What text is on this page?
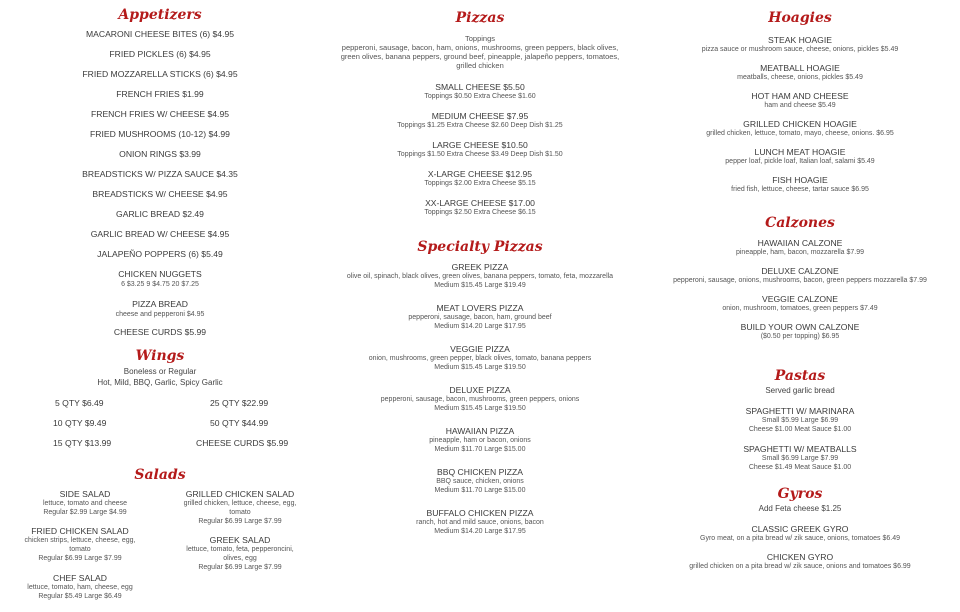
Appetizers
MACARONI CHEESE BITES (6) $4.95
FRIED PICKLES (6) $4.95
FRIED MOZZARELLA STICKS (6) $4.95
FRENCH FRIES $1.99
FRENCH FRIES W/ CHEESE $4.95
FRIED MUSHROOMS (10-12) $4.99
ONION RINGS $3.99
BREADSTICKS W/ PIZZA SAUCE $4.35
BREADSTICKS W/ CHEESE $4.95
GARLIC BREAD $2.49
GARLIC BREAD W/ CHEESE $4.95
JALAPEÑO POPPERS (6) $5.49
CHICKEN NUGGETS
6 $3.25 9 $4.75 20 $7.25
PIZZA BREAD
cheese and pepperoni $4.95
CHEESE CURDS $5.99
Wings
Boneless or Regular
Hot, Mild, BBQ, Garlic, Spicy Garlic
5 QTY $6.49	25 QTY $22.99
10 QTY $9.49	50 QTY $44.99
15 QTY $13.99	CHEESE CURDS $5.99
Salads
SIDE SALAD
lettuce, tomato and cheese
Regular $2.99 Large $4.99
GRILLED CHICKEN SALAD
grilled chicken, lettuce, cheese, egg, tomato
Regular $6.99 Large $7.99
FRIED CHICKEN SALAD
chicken strips, lettuce, cheese, egg, tomato
Regular $6.99 Large $7.99
GREEK SALAD
lettuce, tomato, feta, pepperoncini, olives, egg
Regular $6.99 Large $7.99
CHEF SALAD
lettuce, tomato, ham, cheese, egg
Regular $5.49 Large $6.49
Pizzas
Toppings
pepperoni, sausage, bacon, ham, onions, mushrooms, green peppers, black olives, green olives, banana peppers, ground beef, pineapple, jalapeño peppers, tomatoes, grilled chicken
SMALL CHEESE $5.50
Toppings $0.50 Extra Cheese $1.60
MEDIUM CHEESE $7.95
Toppings $1.25 Extra Cheese $2.60 Deep Dish $1.25
LARGE CHEESE $10.50
Toppings $1.50 Extra Cheese $3.49 Deep Dish $1.50
X-LARGE CHEESE $12.95
Toppings $2.00 Extra Cheese $5.15
XX-LARGE CHEESE $17.00
Toppings $2.50 Extra Cheese $6.15
Specialty Pizzas
GREEK PIZZA
olive oil, spinach, black olives, green olives, banana peppers, tomato, feta, mozzarella
Medium $15.45 Large $19.49
MEAT LOVERS PIZZA
pepperoni, sausage, bacon, ham, ground beef
Medium $14.20 Large $17.95
VEGGIE PIZZA
onion, mushrooms, green pepper, black olives, tomato, banana peppers
Medium $15.45 Large $19.50
DELUXE PIZZA
pepperoni, sausage, bacon, mushrooms, green peppers, onions
Medium $15.45 Large $19.50
HAWAIIAN PIZZA
pineapple, ham or bacon, onions
Medium $11.70 Large $15.00
BBQ CHICKEN PIZZA
BBQ sauce, chicken, onions
Medium $11.70 Large $15.00
BUFFALO CHICKEN PIZZA
ranch, hot and mild sauce, onions, bacon
Medium $14.20 Large $17.95
Hoagies
STEAK HOAGIE
pizza sauce or mushroom sauce, cheese, onions, pickles $5.49
MEATBALL HOAGIE
meatballs, cheese, onions, pickles $5.49
HOT HAM AND CHEESE
ham and cheese $5.49
GRILLED CHICKEN HOAGIE
grilled chicken, lettuce, tomato, mayo, cheese, onions. $6.95
LUNCH MEAT HOAGIE
pepper loaf, pickle loaf, Italian loaf, salami $5.49
FISH HOAGIE
fried fish, lettuce, cheese, tartar sauce $6.95
Calzones
HAWAIIAN CALZONE
pineapple, ham, bacon, mozzarella $7.99
DELUXE CALZONE
pepperoni, sausage, onions, mushrooms, bacon, green peppers mozzarella $7.99
VEGGIE CALZONE
onion, mushroom, tomatoes, green peppers $7.49
BUILD YOUR OWN CALZONE
($0.50 per topping) $6.95
Pastas
Served garlic bread
SPAGHETTI W/ MARINARA
Small $5.99 Large $6.99
Cheese $1.00 Meat Sauce $1.00
SPAGHETTI W/ MEATBALLS
Small $6.99 Large $7.99
Cheese $1.49 Meat Sauce $1.00
Gyros
Add Feta cheese $1.25
CLASSIC GREEK GYRO
Gyro meat, on a pita bread w/ zik sauce, onions, tomatoes $6.49
CHICKEN GYRO
grilled chicken on a pita bread w/ zik sauce, onions and tomatoes $6.99
